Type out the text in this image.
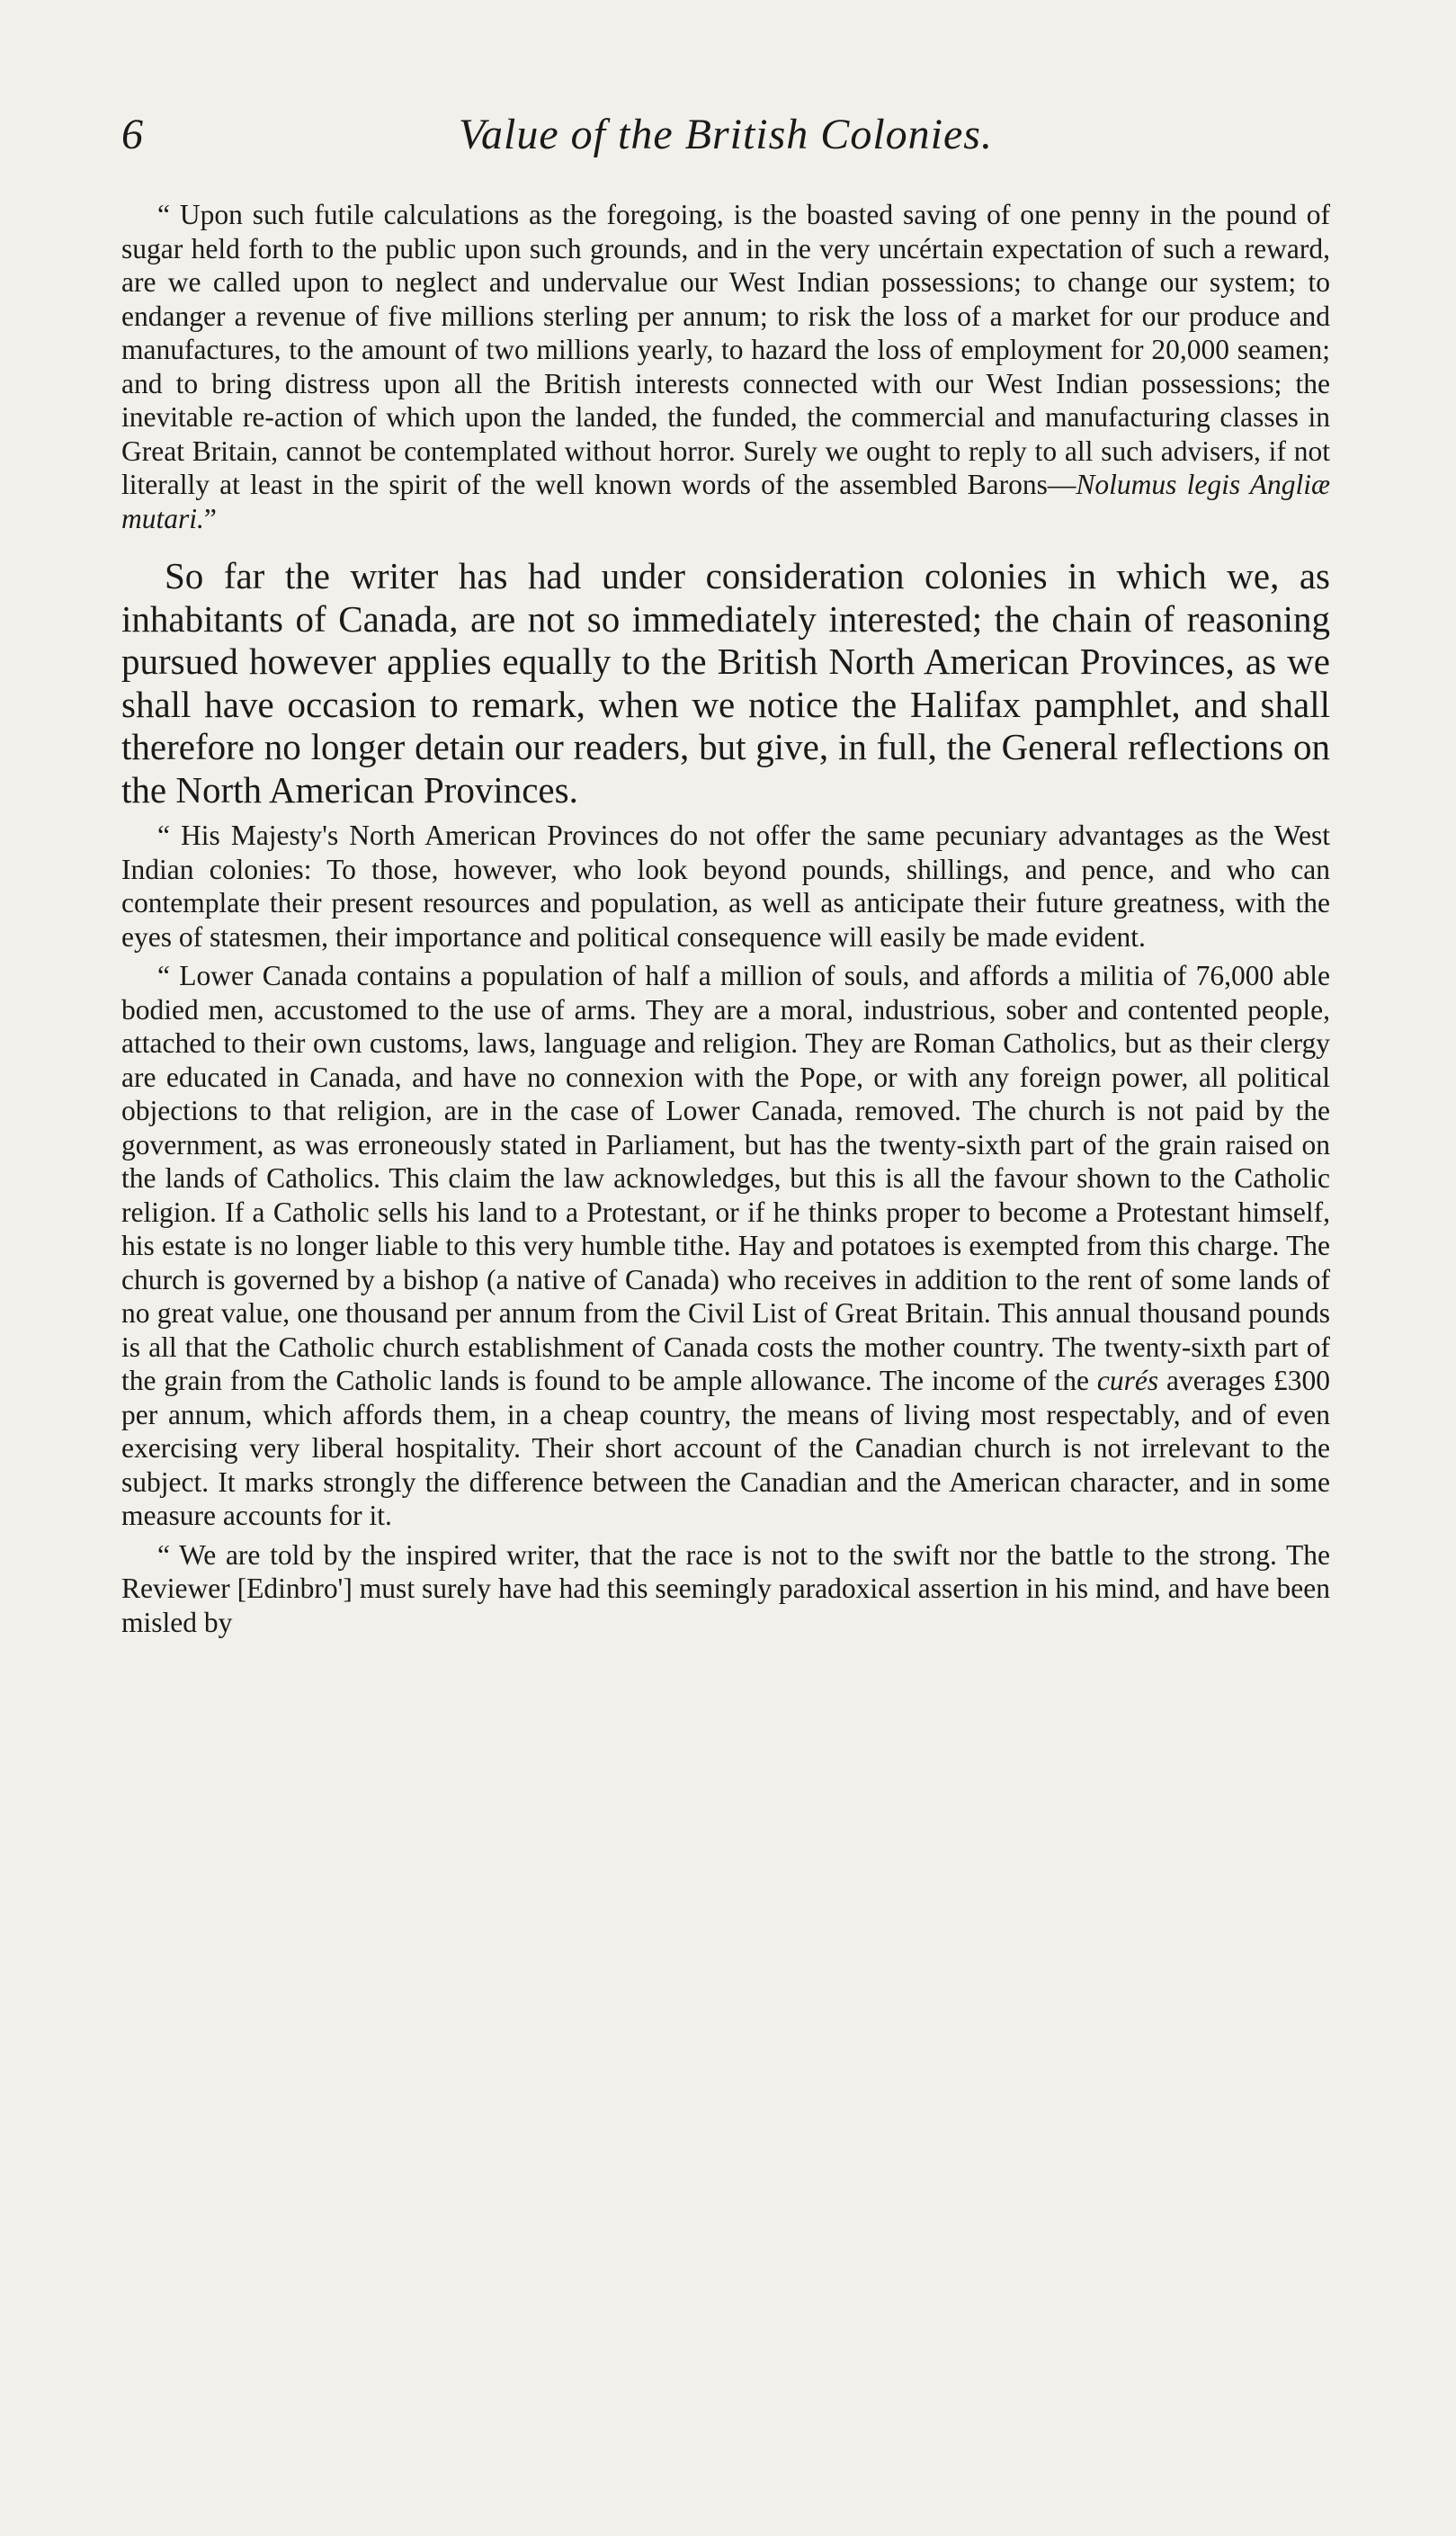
6	Value of the British Colonies.

“ Upon such futile calculations as the foregoing, is the boasted saving of one penny in the pound of sugar held forth to the public upon such grounds, and in the very uncértain expectation of such a reward, are we called upon to neglect and undervalue our West Indian possessions; to change our system; to endanger a revenue of five millions sterling per annum; to risk the loss of a market for our produce and manufactures, to the amount of two millions yearly, to hazard the loss of employment for 20,000 seamen; and to bring distress upon all the British interests connected with our West Indian possessions; the inevitable re-action of which upon the landed, the funded, the commercial and manufacturing classes in Great Britain, cannot be contemplated without horror. Surely we ought to reply to all such advisers, if not literally at least in the spirit of the well known words of the assembled Barons—Nolumus legis Angliæ mutari.”

So far the writer has had under consideration colonies in which we, as inhabitants of Canada, are not so immediately interested; the chain of reasoning pursued however applies equally to the British North American Provinces, as we shall have occasion to remark, when we notice the Halifax pamphlet, and shall therefore no longer detain our readers, but give, in full, the General reflections on the North American Provinces.

“ His Majesty's North American Provinces do not offer the same pecuniary advantages as the West Indian colonies: To those, however, who look beyond pounds, shillings, and pence, and who can contemplate their present resources and population, as well as anticipate their future greatness, with the eyes of statesmen, their importance and political consequence will easily be made evident.

“ Lower Canada contains a population of half a million of souls, and affords a militia of 76,000 able bodied men, accustomed to the use of arms. They are a moral, industrious, sober and contented people, attached to their own customs, laws, language and religion. They are Roman Catholics, but as their clergy are educated in Canada, and have no connexion with the Pope, or with any foreign power, all political objections to that religion, are in the case of Lower Canada, removed. The church is not paid by the government, as was erroneously stated in Parliament, but has the twenty-sixth part of the grain raised on the lands of Catholics. This claim the law acknowledges, but this is all the favour shown to the Catholic religion. If a Catholic sells his land to a Protestant, or if he thinks proper to become a Protestant himself, his estate is no longer liable to this very humble tithe. Hay and potatoes is exempted from this charge. The church is governed by a bishop (a native of Canada) who receives in addition to the rent of some lands of no great value, one thousand per annum from the Civil List of Great Britain. This annual thousand pounds is all that the Catholic church establishment of Canada costs the mother country. The twenty-sixth part of the grain from the Catholic lands is found to be ample allowance. The income of the curés averages £300 per annum, which affords them, in a cheap country, the means of living most respectably, and of even exercising very liberal hospitality. Their short account of the Canadian church is not irrelevant to the subject. It marks strongly the difference between the Canadian and the American character, and in some measure accounts for it.

“ We are told by the inspired writer, that the race is not to the swift nor the battle to the strong. The Reviewer [Edinbro'] must surely have had this seemingly paradoxical assertion in his mind, and have been misled by
